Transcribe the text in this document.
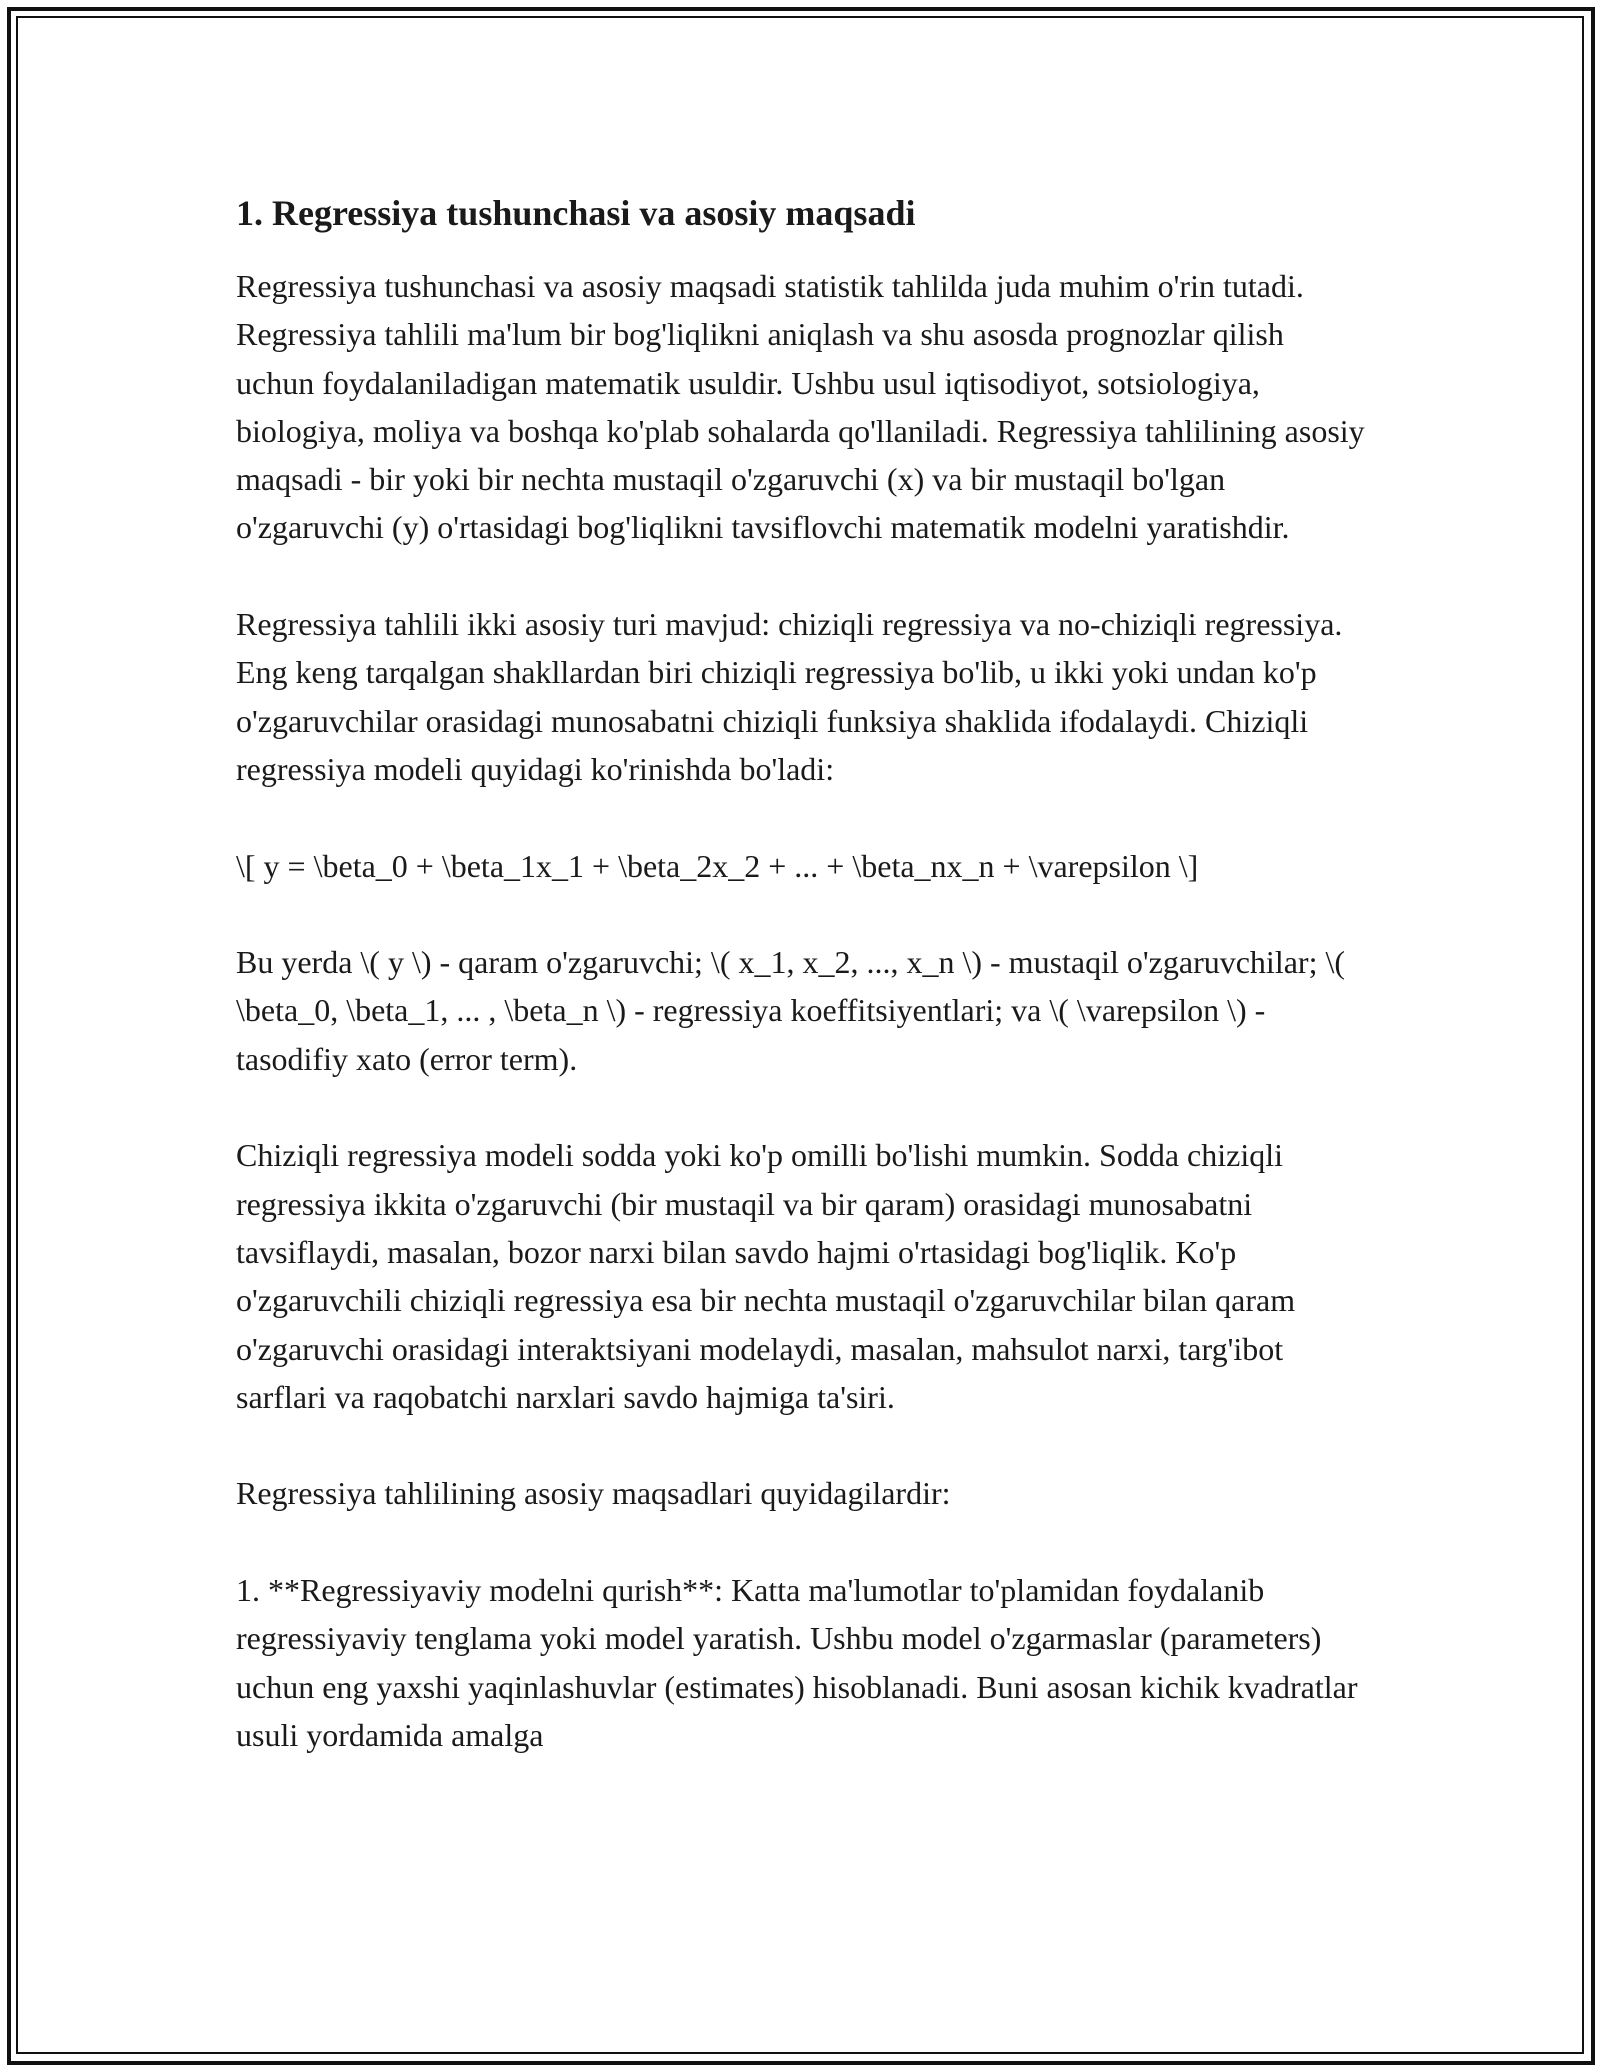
1. Regressiya tushunchasi va asosiy maqsadi

Regressiya tushunchasi va asosiy maqsadi statistik tahlilda juda muhim o'rin tutadi. Regressiya tahlili ma'lum bir bog'liqlikni aniqlash va shu asosda prognozlar qilish uchun foydalaniladigan matematik usuldir. Ushbu usul iqtisodiyot, sotsiologiya, biologiya, moliya va boshqa ko'plab sohalarda qo'llaniladi. Regressiya tahlilining asosiy maqsadi - bir yoki bir nechta mustaqil o'zgaruvchi (x) va bir mustaqil bo'lgan o'zgaruvchi (y) o'rtasidagi bog'liqlikni tavsiflovchi matematik modelni yaratishdir.

Regressiya tahlili ikki asosiy turi mavjud: chiziqli regressiya va no-chiziqli regressiya. Eng keng tarqalgan shakllardan biri chiziqli regressiya bo'lib, u ikki yoki undan ko'p o'zgaruvchilar orasidagi munosabatni chiziqli funksiya shaklida ifodalaydi. Chiziqli regressiya modeli quyidagi ko'rinishda bo'ladi:

\[ y = \beta_0 + \beta_1x_1 + \beta_2x_2 + ... + \beta_nx_n + \varepsilon \]

Bu yerda \( y \) - qaram o'zgaruvchi; \( x_1, x_2, ..., x_n \) - mustaqil o'zgaruvchilar; \( \beta_0, \beta_1, ... , \beta_n \) - regressiya koeffitsiyentlari; va \( \varepsilon \) - tasodifiy xato (error term).

Chiziqli regressiya modeli sodda yoki ko'p omilli bo'lishi mumkin. Sodda chiziqli regressiya ikkita o'zgaruvchi (bir mustaqil va bir qaram) orasidagi munosabatni tavsiflaydi, masalan, bozor narxi bilan savdo hajmi o'rtasidagi bog'liqlik. Ko'p o'zgaruvchili chiziqli regressiya esa bir nechta mustaqil o'zgaruvchilar bilan qaram o'zgaruvchi orasidagi interaktsiyani modelaydi, masalan, mahsulot narxi, targ'ibot sarflari va raqobatchi narxlari savdo hajmiga ta'siri.

Regressiya tahlilining asosiy maqsadlari quyidagilardir:

1. **Regressiyaviy modelni qurish**: Katta ma'lumotlar to'plamidan foydalanib regressiyaviy tenglama yoki model yaratish. Ushbu model o'zgarmaslar (parameters) uchun eng yaxshi yaqinlashuvlar (estimates) hisoblanadi. Buni asosan kichik kvadratlar usuli yordamida amalga
